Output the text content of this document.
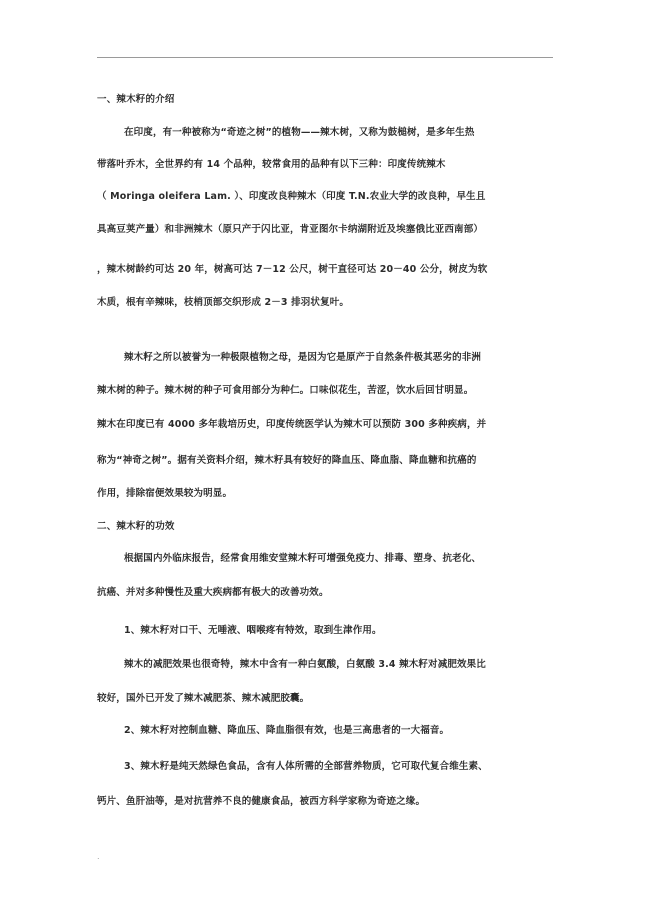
一、辣木籽的介绍
在印度，有一种被称为“奇迹之树”的植物——辣木树，又称为鼓槌树，是多年生热
带落叶乔木，全世界约有 14 个品种，较常食用的品种有以下三种：印度传统辣木
（ Moringa oleifera Lam. ）、印度改良种辣木（印度 T.N.农业大学的改良种，早生且
具高豆荚产量）和非洲辣木（原只产于闪比亚，肯亚图尔卡纳湖附近及埃塞俄比亚西南部）
，辣木树龄约可达 20 年，树高可达 7－12 公尺，树干直径可达 20－40 公分，树皮为软
木质，根有辛辣味，枝梢顶部交织形成 2－3 排羽状复叶。
辣木籽之所以被誉为一种极限植物之母，是因为它是原产于自然条件极其恶劣的非洲
辣木树的种子。辣木树的种子可食用部分为种仁。口味似花生，苦涩，饮水后回甘明显。
辣木在印度已有 4000 多年栽培历史，印度传统医学认为辣木可以预防 300 多种疾病，并
称为“神奇之树”。据有关资料介绍，辣木籽具有较好的降血压、降血脂、降血糖和抗癌的
作用，排除宿便效果较为明显。
二、辣木籽的功效
根据国内外临床报告，经常食用维安堂辣木籽可增强免疫力、排毒、塑身、抗老化、
抗癌、并对多种慢性及重大疾病都有极大的改善功效。
1、辣木籽对口干、无唾液、咽喉疼有特效，取到生津作用。
辣木的减肥效果也很奇特，辣木中含有一种白氨酸，白氨酸 3.4 辣木籽对减肥效果比
较好，国外已开发了辣木减肥茶、辣木减肥胶囊。
2、辣木籽对控制血糖、降血压、降血脂很有效，也是三高患者的一大福音。
3、辣木籽是纯天然绿色食品，含有人体所需的全部营养物质，它可取代复合维生素、
钙片、鱼肝油等，是对抗营养不良的健康食品，被西方科学家称为奇迹之缘。
.
